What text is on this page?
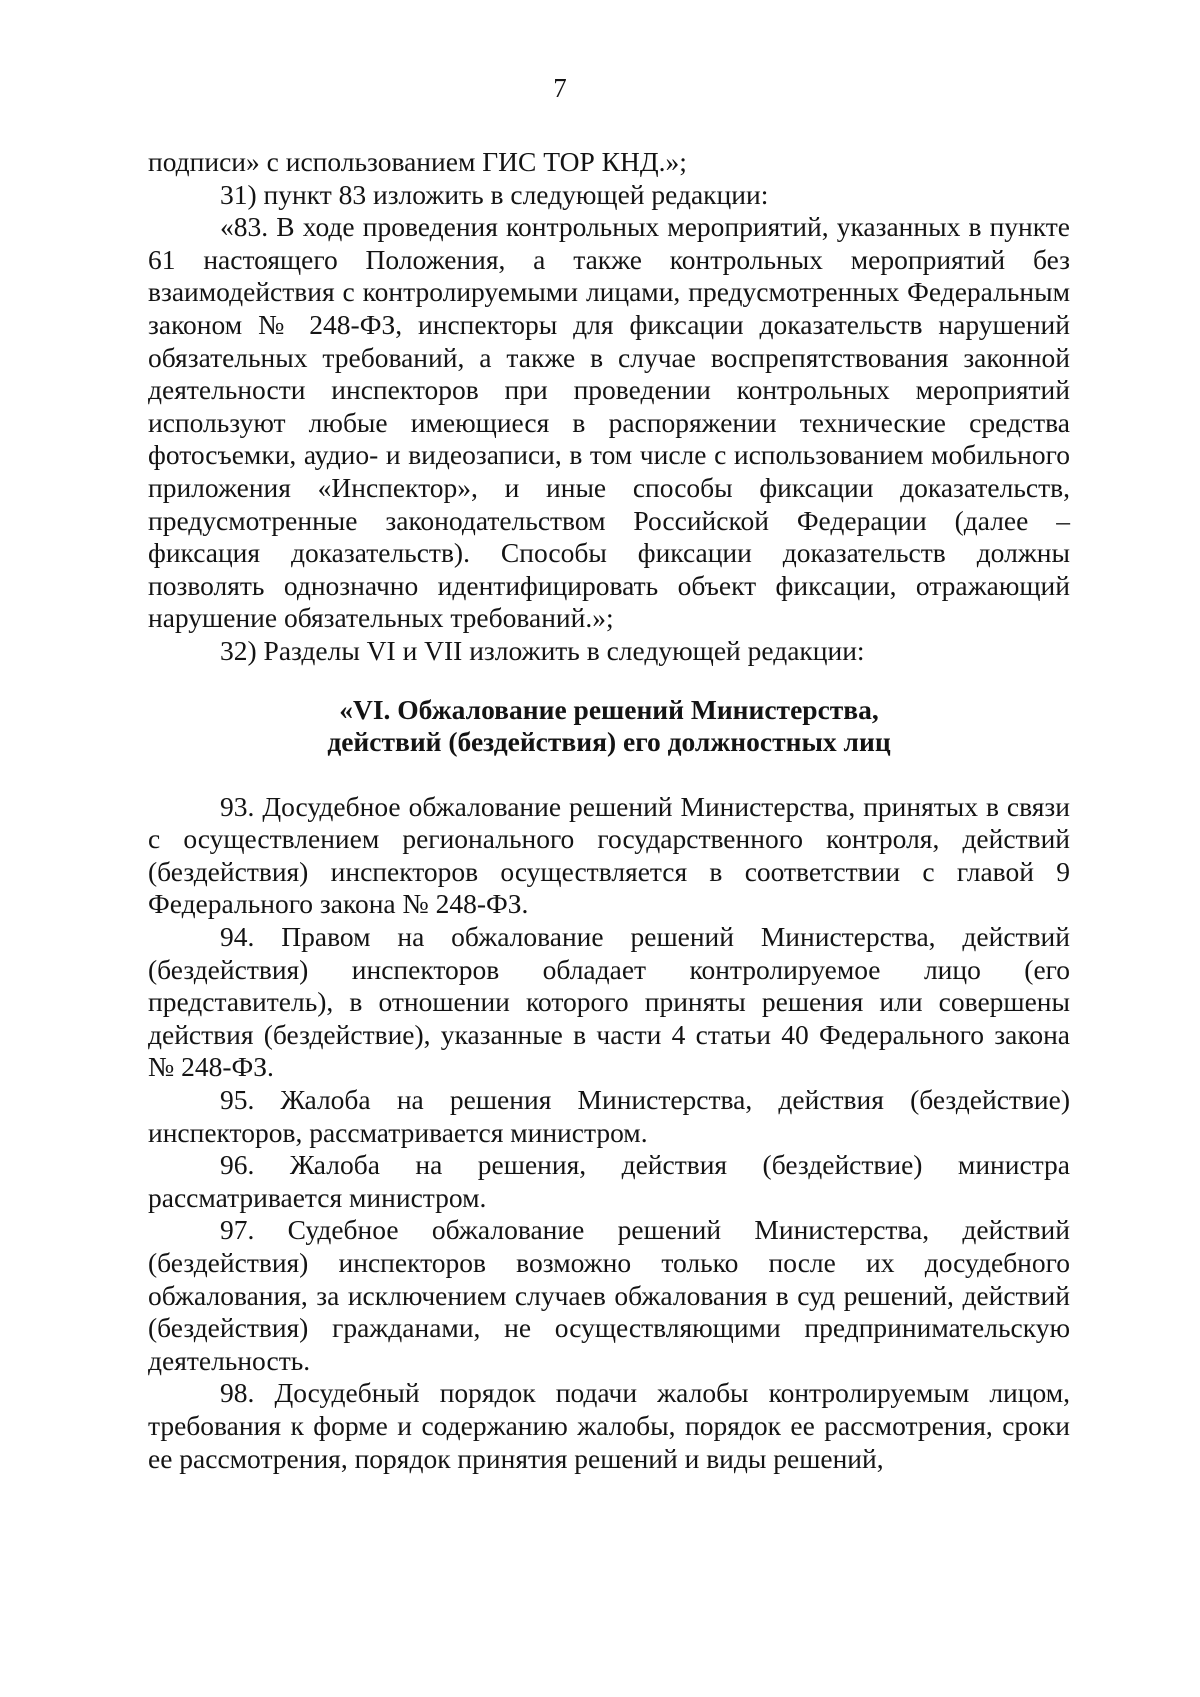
7

подписи» с использованием ГИС ТОР КНД.»;

31) пункт 83 изложить в следующей редакции:

«83. В ходе проведения контрольных мероприятий, указанных в пункте 61 настоящего Положения, а также контрольных мероприятий без взаимодействия с контролируемыми лицами, предусмотренных Федеральным законом № 248-ФЗ, инспекторы для фиксации доказательств нарушений обязательных требований, а также в случае воспрепятствования законной деятельности инспекторов при проведении контрольных мероприятий используют любые имеющиеся в распоряжении технические средства фотосъемки, аудио- и видеозаписи, в том числе с использованием мобильного приложения «Инспектор», и иные способы фиксации доказательств, предусмотренные законодательством Российской Федерации (далее – фиксация доказательств). Способы фиксации доказательств должны позволять однозначно идентифицировать объект фиксации, отражающий нарушение обязательных требований.»;

32) Разделы VI и VII изложить в следующей редакции:

«VI. Обжалование решений Министерства,
действий (бездействия) его должностных лиц

93. Досудебное обжалование решений Министерства, принятых в связи с осуществлением регионального государственного контроля, действий (бездействия) инспекторов осуществляется в соответствии с главой 9 Федерального закона № 248-ФЗ.

94. Правом на обжалование решений Министерства, действий (бездействия) инспекторов обладает контролируемое лицо (его представитель), в отношении которого приняты решения или совершены действия (бездействие), указанные в части 4 статьи 40 Федерального закона № 248-ФЗ.

95. Жалоба на решения Министерства, действия (бездействие) инспекторов, рассматривается министром.

96. Жалоба на решения, действия (бездействие) министра рассматривается министром.

97. Судебное обжалование решений Министерства, действий (бездействия) инспекторов возможно только после их досудебного обжалования, за исключением случаев обжалования в суд решений, действий (бездействия) гражданами, не осуществляющими предпринимательскую деятельность.

98. Досудебный порядок подачи жалобы контролируемым лицом, требования к форме и содержанию жалобы, порядок ее рассмотрения, сроки ее рассмотрения, порядок принятия решений и виды решений,
